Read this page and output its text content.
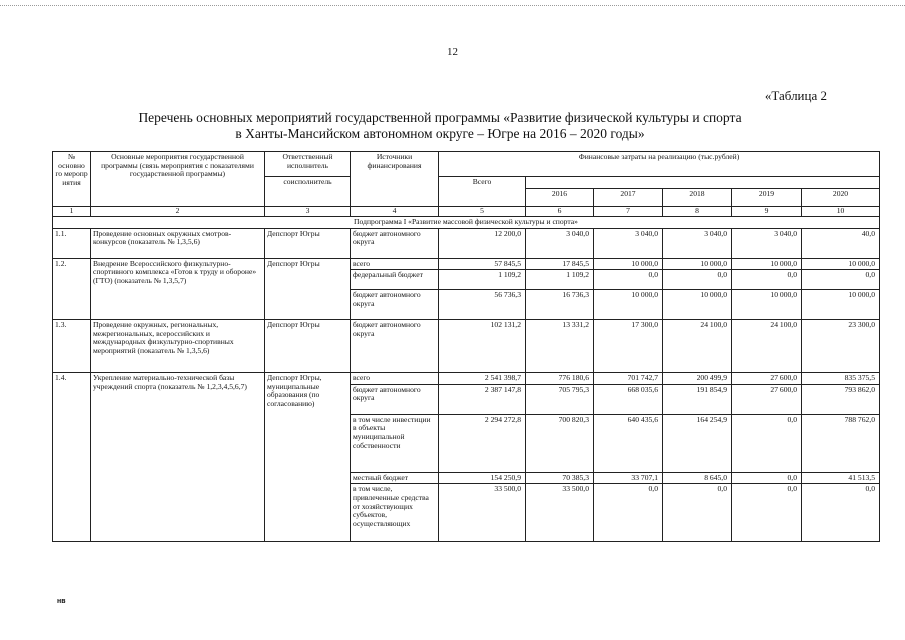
12
«Таблица 2
Перечень основных мероприятий государственной программы «Развитие физической культуры и спорта
в Ханты-Мансийском автономном округе – Югре на 2016 – 2020 годы»
№ основно го меропр иятия	Основные мероприятия государственной программы (связь мероприятия с показателями государственной программы)	Ответственный исполнитель	Источники финансирования	Финансовые затраты на реализацию (тыс.рублей)					
		соисполнитель		Всего					
					2016	2017	2018	2019	2020
1	2	3	4	5	6	7	8	9	10
Подпрограмма I «Развитие массовой физической культуры и спорта»									
1.1.	Проведение основных окружных смотров-конкурсов (показатель № 1,3,5,6)	Депспорт Югры	бюджет автономного округа	12 200,0	3 040,0	3 040,0	3 040,0	3 040,0	40,0
1.2.	Внедрение Всероссийского физкультурно-спортивного комплекса «Готов к труду и обороне» (ГТО) (показатель № 1,3,5,7)	Депспорт Югры	всего	57 845,5	17 845,5	10 000,0	10 000,0	10 000,0	10 000,0
			федеральный бюджет	1 109,2	1 109,2	0,0	0,0	0,0	0,0
			бюджет автономного округа	56 736,3	16 736,3	10 000,0	10 000,0	10 000,0	10 000,0
1.3.	Проведение окружных, региональных, межрегиональных, всероссийских и международных физкультурно-спортивных мероприятий (показатель № 1,3,5,6)	Депспорт Югры	бюджет автономного округа	102 131,2	13 331,2	17 300,0	24 100,0	24 100,0	23 300,0
1.4.	Укрепление материально-технической базы учреждений спорта (показатель № 1,2,3,4,5,6,7)	Депспорт Югры, муниципальные образования (по согласованию)	всего	2 541 398,7	776 180,6	701 742,7	200 499,9	27 600,0	835 375,5
			бюджет автономного округа	2 387 147,8	705 795,3	668 035,6	191 854,9	27 600,0	793 862,0
			в том числе инвестиции в объекты муниципальной собственности	2 294 272,8	700 820,3	640 435,6	164 254,9	0,0	788 762,0
			местный бюджет	154 250,9	70 385,3	33 707,1	8 645,0	0,0	41 513,5
			в том числе, привлеченные средства от хозяйствующих субъектов, осуществляющих	33 500,0	33 500,0	0,0	0,0	0,0	0,0
нв
